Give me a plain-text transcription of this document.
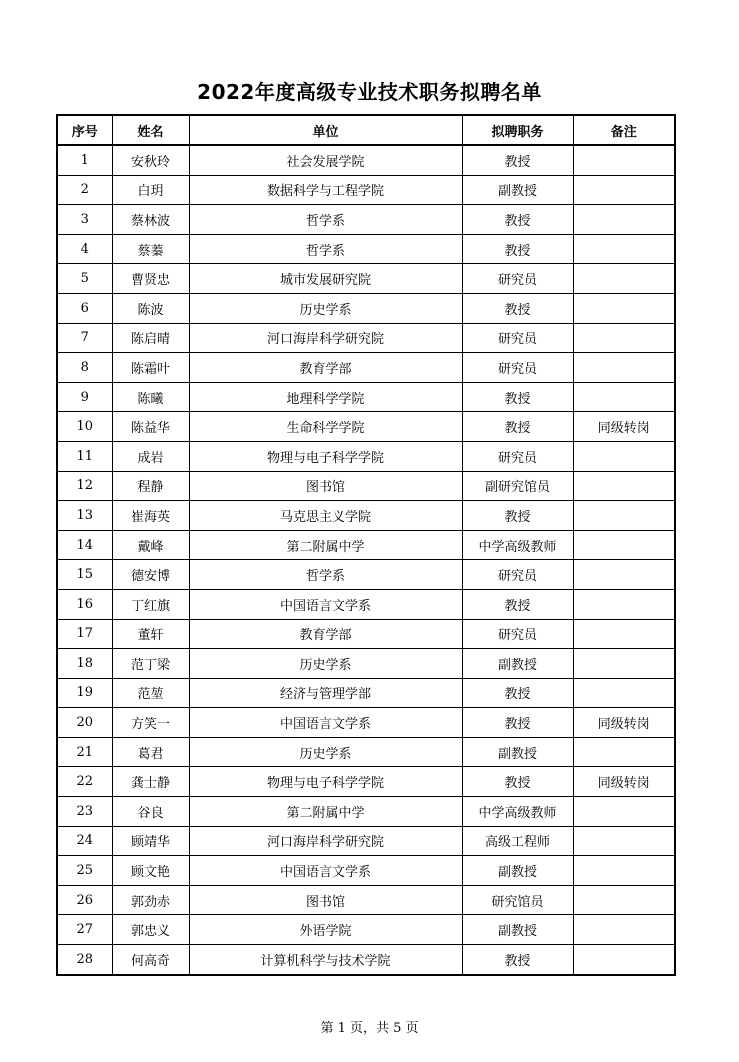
2022年度高级专业技术职务拟聘名单
序号	姓名	单位	拟聘职务	备注
1	安秋玲	社会发展学院	教授	
2	白玥	数据科学与工程学院	副教授	
3	蔡林波	哲学系	教授	
4	蔡蓁	哲学系	教授	
5	曹贤忠	城市发展研究院	研究员	
6	陈波	历史学系	教授	
7	陈启晴	河口海岸科学研究院	研究员	
8	陈霜叶	教育学部	研究员	
9	陈曦	地理科学学院	教授	
10	陈益华	生命科学学院	教授	同级转岗
11	成岩	物理与电子科学学院	研究员	
12	程静	图书馆	副研究馆员	
13	崔海英	马克思主义学院	教授	
14	戴峰	第二附属中学	中学高级教师	
15	德安博	哲学系	研究员	
16	丁红旗	中国语言文学系	教授	
17	董轩	教育学部	研究员	
18	范丁梁	历史学系	副教授	
19	范堃	经济与管理学部	教授	
20	方笑一	中国语言文学系	教授	同级转岗
21	葛君	历史学系	副教授	
22	龚士静	物理与电子科学学院	教授	同级转岗
23	谷良	第二附属中学	中学高级教师	
24	顾靖华	河口海岸科学研究院	高级工程师	
25	顾文艳	中国语言文学系	副教授	
26	郭劲赤	图书馆	研究馆员	
27	郭忠义	外语学院	副教授	
28	何高奇	计算机科学与技术学院	教授	
第 1 页，共 5 页
